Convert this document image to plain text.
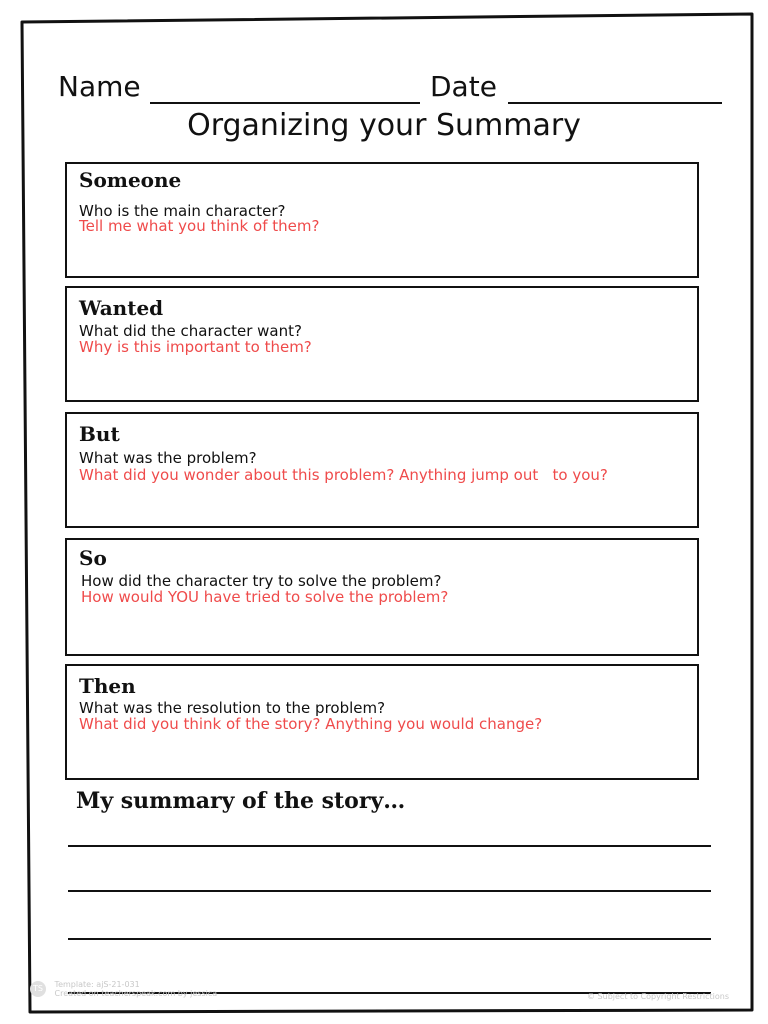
Name	Date
Organizing your Summary
Someone
Who is the main character?
Tell me what you think of them?
Wanted
What did the character want?
Why is this important to them?
But
What was the problem?
What did you wonder about this problem? Anything jump out   to you?
So
How did the character try to solve the problem?
How would YOU have tried to solve the problem?
Then
What was the resolution to the problem?
What did you think of the story? Anything you would change?
My summary of the story…
TS Template: ajS-21-031
Created on teacherspeak.com by jessica	© Subject to Copyright Restrictions
